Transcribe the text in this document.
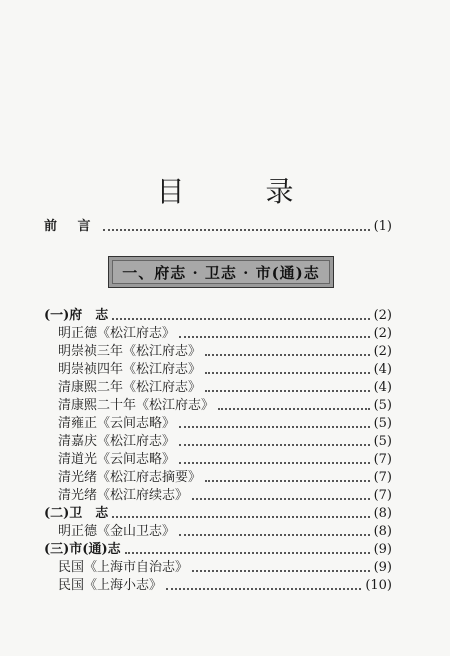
目 录
前 言	(1)
一、府志 · 卫志 · 市(通)志
(一)府　志	(2)
明正德《松江府志》	(2)
明崇祯三年《松江府志》	(2)
明崇祯四年《松江府志》	(4)
清康熙二年《松江府志》	(4)
清康熙二十年《松江府志》	(5)
清雍正《云间志略》	(5)
清嘉庆《松江府志》	(5)
清道光《云间志略》	(7)
清光绪《松江府志摘要》	(7)
清光绪《松江府续志》	(7)
(二)卫　志	(8)
明正德《金山卫志》	(8)
(三)市(通)志	(9)
民国《上海市自治志》	(9)
民国《上海小志》	(10)
